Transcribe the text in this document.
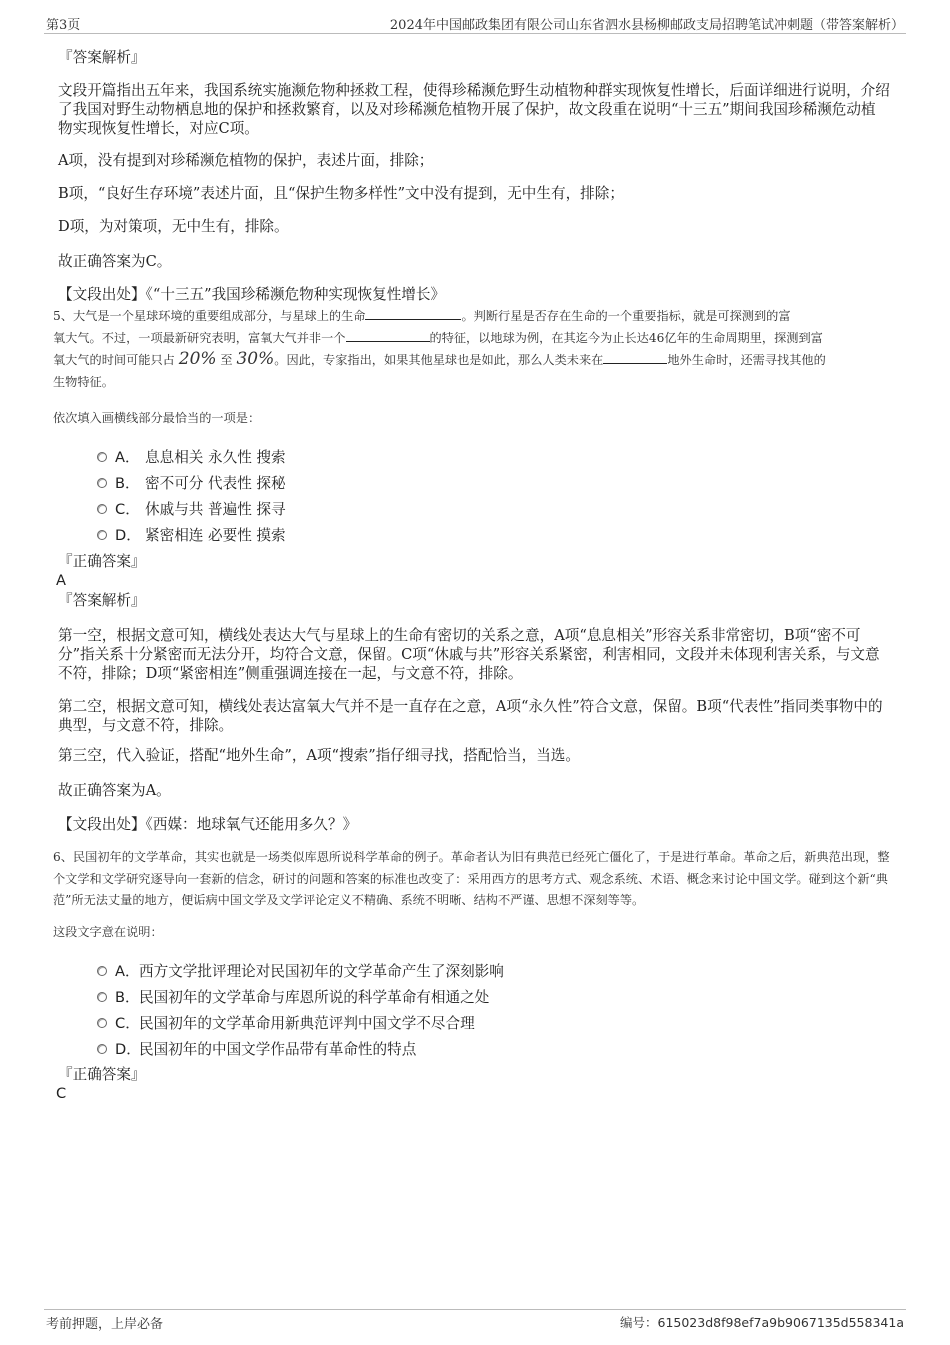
第3页	2024年中国邮政集团有限公司山东省泗水县杨柳邮政支局招聘笔试冲刺题（带答案解析）
『答案解析』
文段开篇指出五年来，我国系统实施濒危物种拯救工程，使得珍稀濒危野生动植物种群实现恢复性增长，后面详细进行说明，介绍了我国对野生动物栖息地的保护和拯救繁育，以及对珍稀濒危植物开展了保护，故文段重在说明“十三五”期间我国珍稀濒危动植物实现恢复性增长，对应C项。
A项，没有提到对珍稀濒危植物的保护，表述片面，排除；
B项，“良好生存环境”表述片面，且“保护生物多样性”文中没有提到，无中生有，排除；
D项，为对策项，无中生有，排除。
故正确答案为C。
【文段出处】《“十三五”我国珍稀濒危物种实现恢复性增长》
5、大气是一个星球环境的重要组成部分，与星球上的生命	。判断行星是否存在生命的一个重要指标，就是可探测到的富
氧大气。不过，一项最新研究表明，富氧大气并非一个	的特征，以地球为例，在其迄今为止长达46亿年的生命周期里，探测到富
氧大气的时间可能只占 20% 至 30%。因此，专家指出，如果其他星球也是如此，那么人类未来在	地外生命时，还需寻找其他的
生物特征。
依次填入画横线部分最恰当的一项是：
A． 息息相关 永久性 搜索
B． 密不可分 代表性 探秘
C． 休戚与共 普遍性 探寻
D． 紧密相连 必要性 摸索
『正确答案』
A
『答案解析』
第一空，根据文意可知，横线处表达大气与星球上的生命有密切的关系之意，A项“息息相关”形容关系非常密切，B项“密不可分”指关系十分紧密而无法分开，均符合文意，保留。C项“休戚与共”形容关系紧密，利害相同，文段并未体现利害关系，与文意不符，排除；D项“紧密相连”侧重强调连接在一起，与文意不符，排除。
第二空，根据文意可知，横线处表达富氧大气并不是一直存在之意，A项“永久性”符合文意，保留。B项“代表性”指同类事物中的典型，与文意不符，排除。
第三空，代入验证，搭配“地外生命”，A项“搜索”指仔细寻找，搭配恰当，当选。
故正确答案为A。
【文段出处】《西媒：地球氧气还能用多久？》
6、民国初年的文学革命，其实也就是一场类似库恩所说科学革命的例子。革命者认为旧有典范已经死亡僵化了，于是进行革命。革命之后，新典范出现，整个文学和文学研究逐导向一套新的信念，研讨的问题和答案的标准也改变了：采用西方的思考方式、观念系统、术语、概念来讨论中国文学。碰到这个新“典范”所无法丈量的地方，便诟病中国文学及文学评论定义不精确、系统不明晰、结构不严谨、思想不深刻等等。
这段文字意在说明：
A．西方文学批评理论对民国初年的文学革命产生了深刻影响
B．民国初年的文学革命与库恩所说的科学革命有相通之处
C．民国初年的文学革命用新典范评判中国文学不尽合理
D．民国初年的中国文学作品带有革命性的特点
『正确答案』
C
考前押题，上岸必备	编号：615023d8f98ef7a9b9067135d558341a
